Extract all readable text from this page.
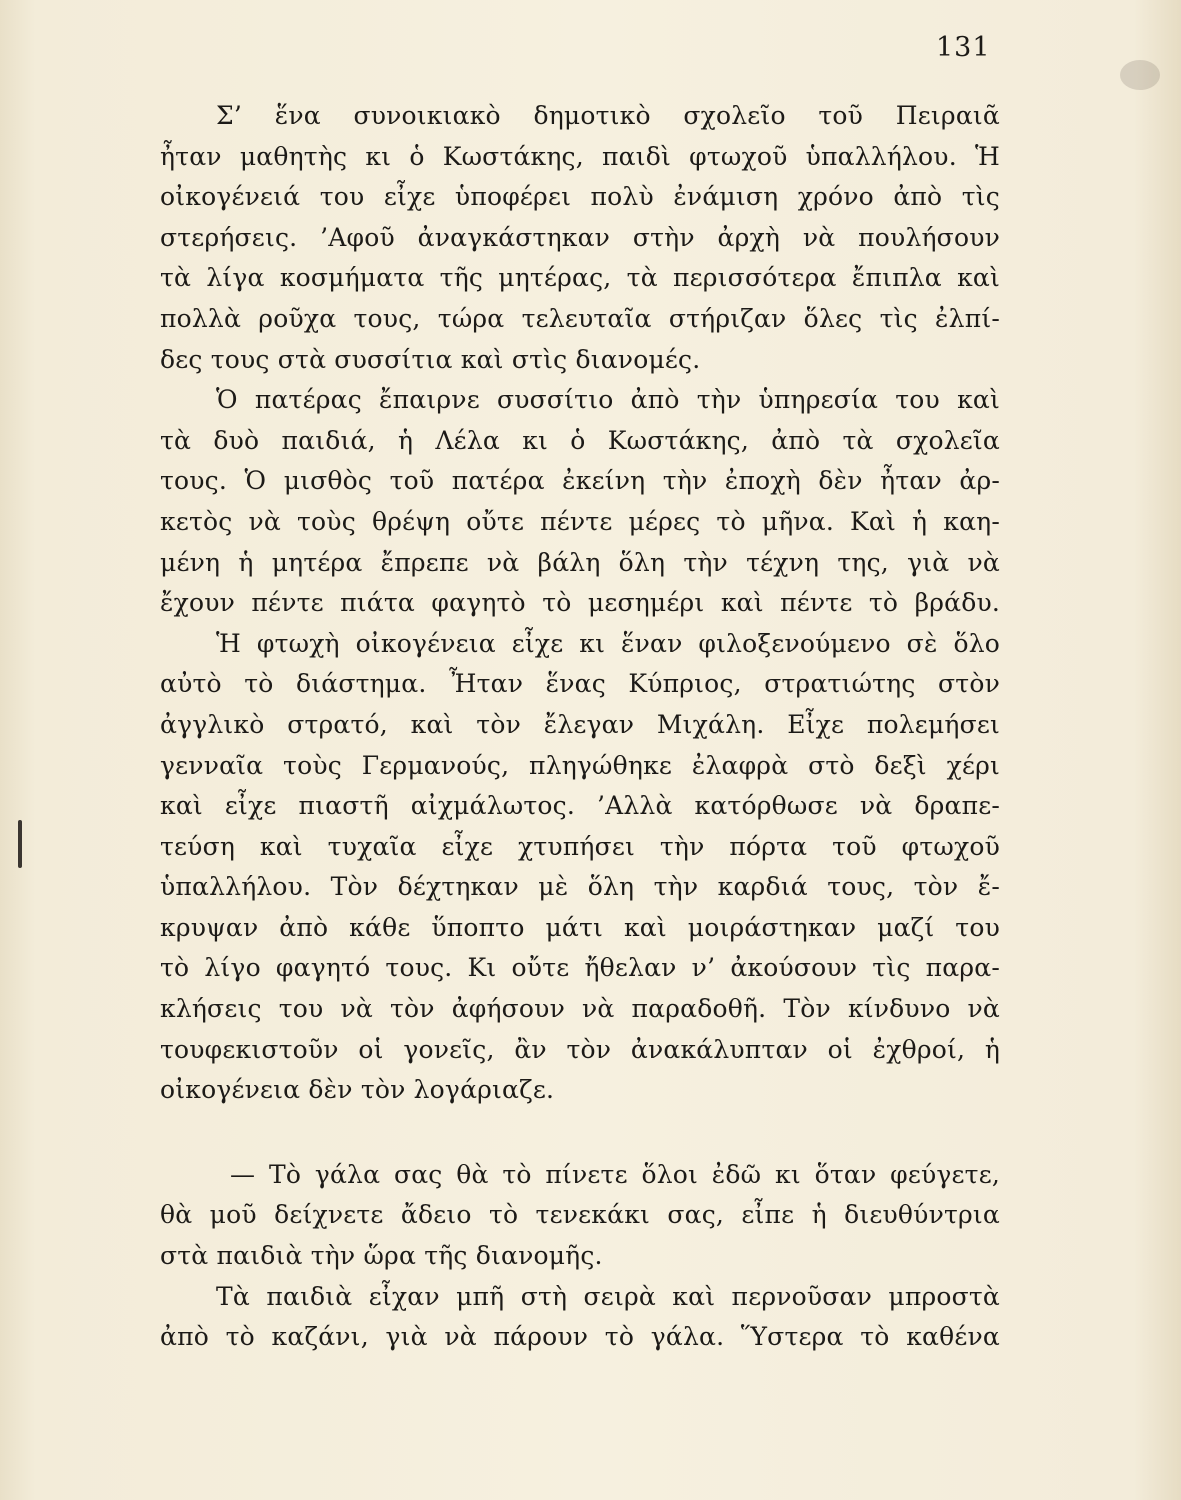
131
Σ’ ἕνα συνοικιακὸ δημοτικὸ σχολεῖο τοῦ Πειραιᾶ
ἦταν μαθητὴς κι ὁ Κωστάκης, παιδὶ φτωχοῦ ὑπαλλήλου. Ἡ
οἰκογένειά του εἶχε ὑποφέρει πολὺ ἐνάμιση χρόνο ἀπὸ τὶς
στερήσεις. ’Αφοῦ ἀναγκάστηκαν στὴν ἀρχὴ νὰ πουλήσουν
τὰ λίγα κοσμήματα τῆς μητέρας, τὰ περισσότερα ἔπιπλα καὶ
πολλὰ ροῦχα τους, τώρα τελευταῖα στήριζαν ὅλες τὶς ἐλπί-
δες τους στὰ συσσίτια καὶ στὶς διανομές.
Ὁ πατέρας ἔπαιρνε συσσίτιο ἀπὸ τὴν ὑπηρεσία του καὶ
τὰ δυὸ παιδιά, ἡ Λέλα κι ὁ Κωστάκης, ἀπὸ τὰ σχολεῖα
τους. Ὁ μισθὸς τοῦ πατέρα ἐκείνη τὴν ἐποχὴ δὲν ἦταν ἀρ-
κετὸς νὰ τοὺς θρέψη οὔτε πέντε μέρες τὸ μῆνα. Καὶ ἡ καη-
μένη ἡ μητέρα ἔπρεπε νὰ βάλη ὅλη τὴν τέχνη της, γιὰ νὰ
ἔχουν πέντε πιάτα φαγητὸ τὸ μεσημέρι καὶ πέντε τὸ βράδυ.
Ἡ φτωχὴ οἰκογένεια εἶχε κι ἕναν φιλοξενούμενο σὲ ὅλο
αὐτὸ τὸ διάστημα. Ἦταν ἕνας Κύπριος, στρατιώτης στὸν
ἀγγλικὸ στρατό, καὶ τὸν ἔλεγαν Μιχάλη. Εἶχε πολεμήσει
γενναῖα τοὺς Γερμανούς, πληγώθηκε ἐλαφρὰ στὸ δεξὶ χέρι
καὶ εἶχε πιαστῆ αἰχμάλωτος. ’Αλλὰ κατόρθωσε νὰ δραπε-
τεύση καὶ τυχαῖα εἶχε χτυπήσει τὴν πόρτα τοῦ φτωχοῦ
ὑπαλλήλου. Τὸν δέχτηκαν μὲ ὅλη τὴν καρδιά τους, τὸν ἔ-
κρυψαν ἀπὸ κάθε ὕποπτο μάτι καὶ μοιράστηκαν μαζί του
τὸ λίγο φαγητό τους. Κι οὔτε ἤθελαν ν’ ἀκούσουν τὶς παρα-
κλήσεις του νὰ τὸν ἀφήσουν νὰ παραδοθῆ. Τὸν κίνδυνο νὰ
τουφεκιστοῦν οἱ γονεῖς, ἂν τὸν ἀνακάλυπταν οἱ ἐχθροί, ἡ
οἰκογένεια δὲν τὸν λογάριαζε.
— Τὸ γάλα σας θὰ τὸ πίνετε ὅλοι ἐδῶ κι ὅταν φεύγετε,
θὰ μοῦ δείχνετε ἄδειο τὸ τενεκάκι σας, εἶπε ἡ διευθύντρια
στὰ παιδιὰ τὴν ὥρα τῆς διανομῆς.
Τὰ παιδιὰ εἶχαν μπῆ στὴ σειρὰ καὶ περνοῦσαν μπροστὰ
ἀπὸ τὸ καζάνι, γιὰ νὰ πάρουν τὸ γάλα. Ὕστερα τὸ καθένα
